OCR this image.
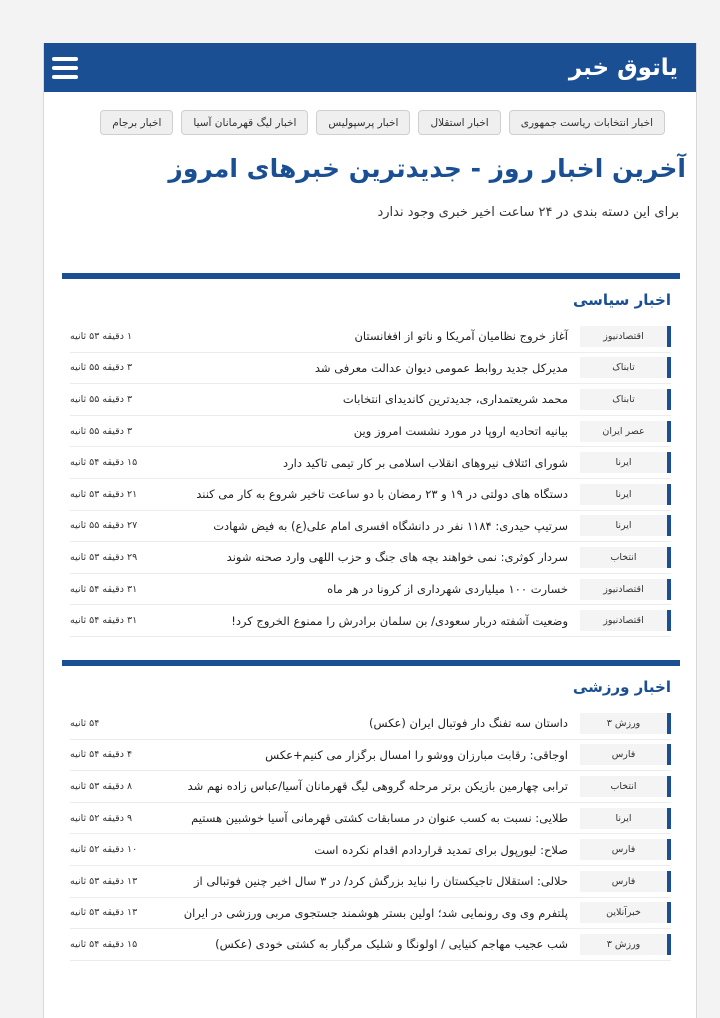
یاتوق خبر
اخبار انتخابات ریاست جمهوری
اخبار استقلال
اخبار پرسپولیس
اخبار لیگ قهرمانان آسیا
اخبار برجام
آخرین اخبار روز - جدیدترین خبرهای امروز

برای این دسته بندی در ۲۴ ساعت اخیر خبری وجود ندارد

اخبار سیاسی
اقتصادنیوز
آغاز خروج نظامیان آمریکا و ناتو از افغانستان
۱ دقیقه ۵۳ ثانیه
تابناک
مدیرکل جدید روابط عمومی دیوان عدالت معرفی شد
۳ دقیقه ۵۵ ثانیه
تابناک
محمد شریعتمداری، جدیدترین کاندیدای انتخابات
۳ دقیقه ۵۵ ثانیه
عصر ایران
بیانیه اتحادیه اروپا در مورد نشست امروز وین
۳ دقیقه ۵۵ ثانیه
ایرنا
شورای ائتلاف نیروهای انقلاب اسلامی بر کار تیمی تاکید دارد
۱۵ دقیقه ۵۴ ثانیه
ایرنا
دستگاه های دولتی در ۱۹ و ۲۳ رمضان با دو ساعت تاخیر شروع به کار می کنند
۲۱ دقیقه ۵۳ ثانیه
ایرنا
سرتیپ حیدری: ۱۱۸۴ نفر در دانشگاه افسری امام علی(ع) به فیض شهادت
۲۷ دقیقه ۵۵ ثانیه
انتخاب
سردار کوثری: نمی خواهند بچه های جنگ و حزب اللهی وارد صحنه شوند
۲۹ دقیقه ۵۳ ثانیه
اقتصادنیوز
خسارت ۱۰۰ میلیاردی شهرداری از کرونا در هر ماه
۳۱ دقیقه ۵۴ ثانیه
اقتصادنیوز
وضعیت آشفته دربار سعودی/ بن سلمان برادرش را ممنوع الخروج کرد!
۳۱ دقیقه ۵۴ ثانیه
اخبار ورزشی
ورزش ۳
داستان سه تفنگ دار فوتبال ایران (عکس)
۵۴ ثانیه
فارس
اوجاقی: رقابت مبارزان ووشو را امسال برگزار می کنیم+عکس
۴ دقیقه ۵۴ ثانیه
انتخاب
ترابی چهارمین بازیکن برتر مرحله گروهی لیگ قهرمانان آسیا/عباس زاده نهم شد
۸ دقیقه ۵۳ ثانیه
ایرنا
طلایی: نسبت به کسب عنوان در مسابقات کشتی قهرمانی آسیا خوشبین هستیم
۹ دقیقه ۵۲ ثانیه
فارس
صلاح: لیورپول برای تمدید قراردادم اقدام نکرده است
۱۰ دقیقه ۵۲ ثانیه
فارس
حلالی: استقلال تاجیکستان را نباید بزرگش کرد/ در ۳ سال اخیر چنین فوتبالی از
۱۳ دقیقه ۵۳ ثانیه
خبرآنلاین
پلتفرم وی وی رونمایی شد؛ اولین بستر هوشمند جستجوی مربی ورزشی در ایران
۱۳ دقیقه ۵۳ ثانیه
ورزش ۳
شب عجیب مهاجم کنیایی / اولونگا و شلیک مرگبار به کشتی خودی (عکس)
۱۵ دقیقه ۵۴ ثانیه
